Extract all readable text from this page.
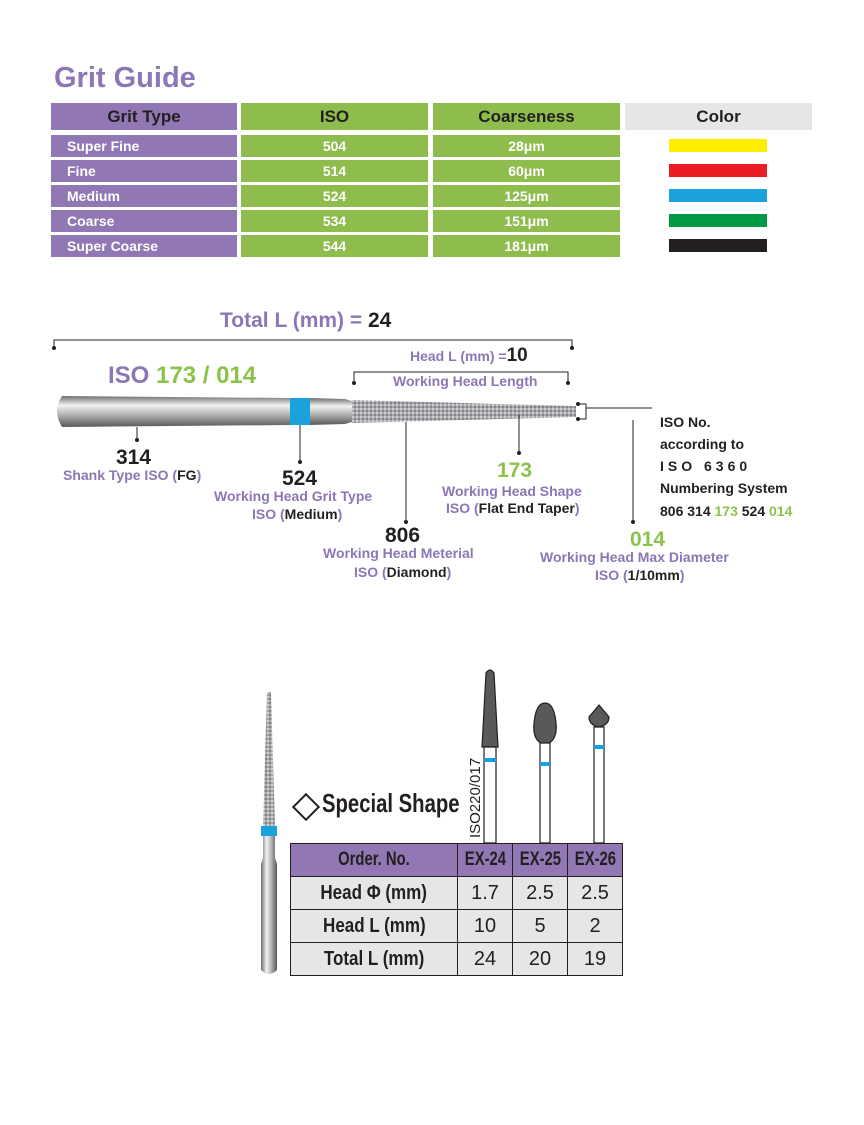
Grit Guide
Grit Type	ISO	Coarseness	Color
Super Fine	504	28μm
Fine	514	60μm
Medium	524	125μm
Coarse	534	151μm
Super Coarse	544	181μm
Total L (mm) = 24
ISO 173 / 014
Head L (mm) =10
Working Head Length
314
Shank Type ISO (FG)	524
Working Head Grit Type
ISO (Medium)
806
Working Head Meterial
ISO (Diamond)
173
Working Head Shape
ISO (Flat End Taper)
014
Working Head Max Diameter
ISO (1/10mm)
ISO No.
according to
ISO 6360
Numbering System
806 314 173 524 014
ISO220/017
Special Shape
Order. No.	EX-24	EX-25	EX-26
Head Φ (mm)	1.7	2.5	2.5
Head L (mm)	10	5	2
Total L (mm)	24	20	19
